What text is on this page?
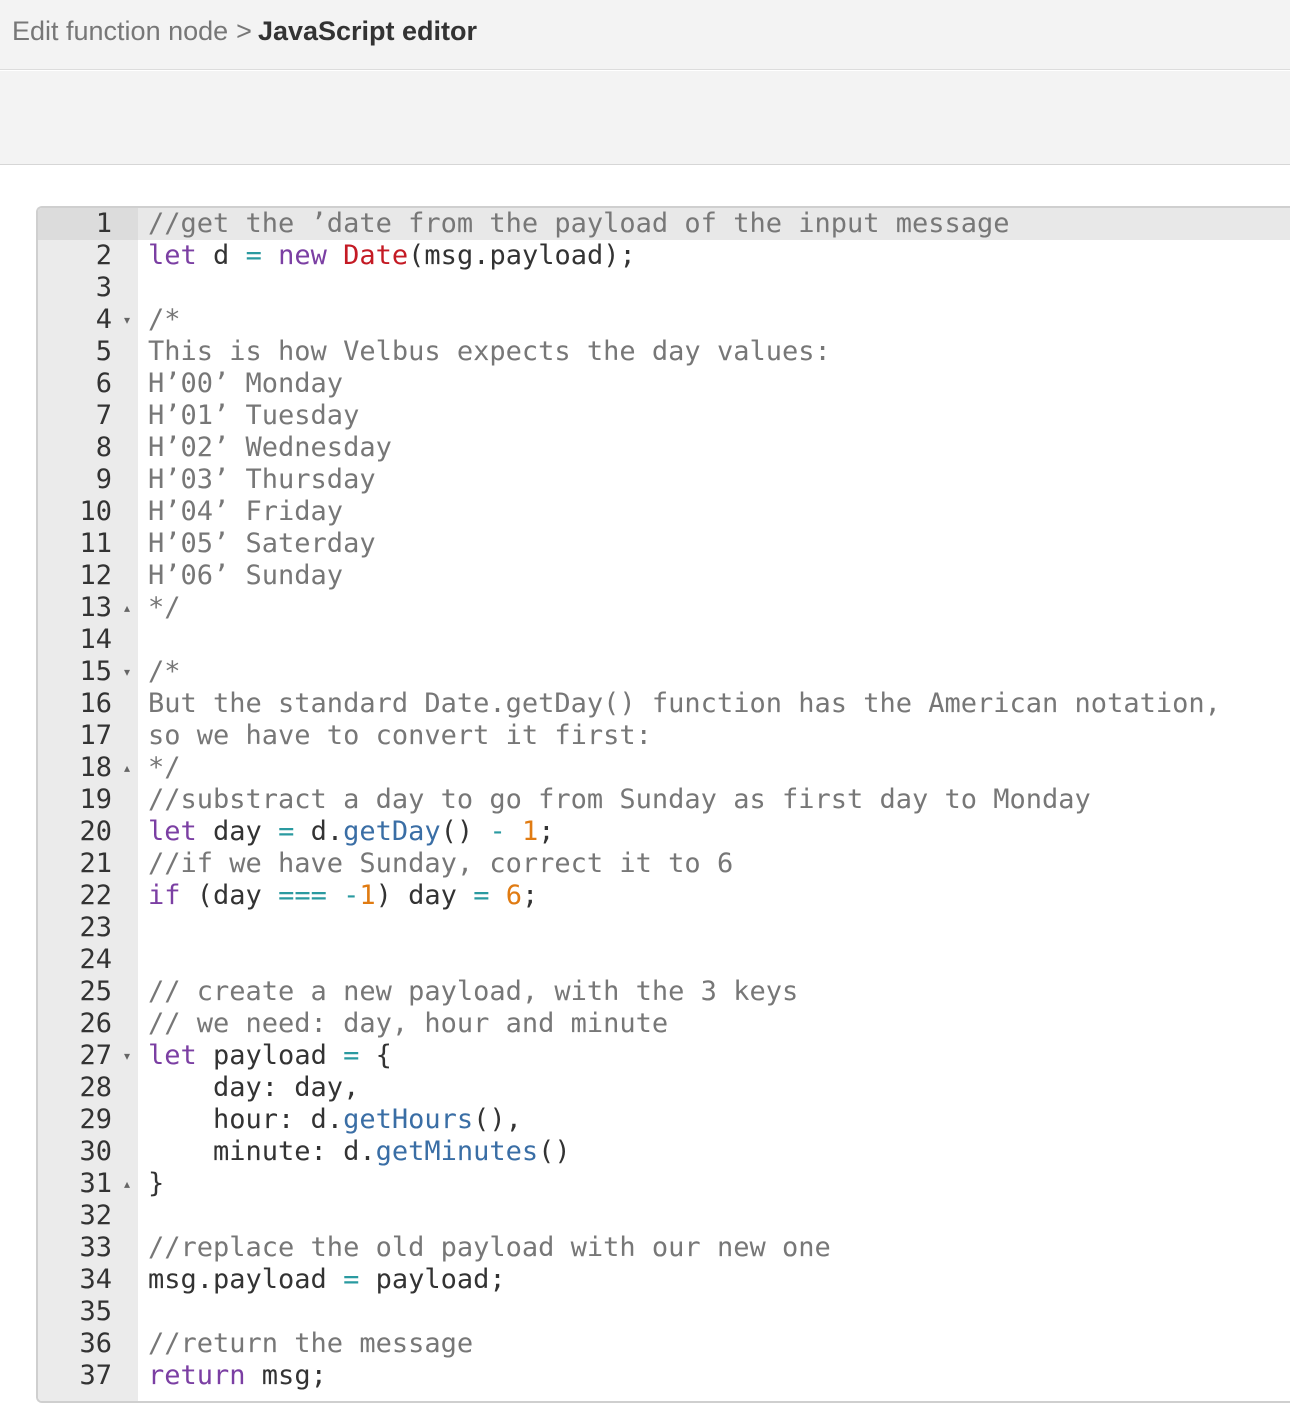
Edit function node > JavaScript editor
1 //get the ’date from the payload of the input message
2 let d = new Date(msg.payload);
3
4 ▾ /*
5 This is how Velbus expects the day values:
6 H’00’ Monday
7 H’01’ Tuesday
8 H’02’ Wednesday
9 H’03’ Thursday
10 H’04’ Friday
11 H’05’ Saterday
12 H’06’ Sunday
13 ▴ */
14
15 ▾ /*
16 But the standard Date.getDay() function has the American notation,
17 so we have to convert it first:
18 ▴ */
19 //substract a day to go from Sunday as first day to Monday
20 let day = d.getDay() - 1;
21 //if we have Sunday, correct it to 6
22 if (day === -1) day = 6;
23
24
25 // create a new payload, with the 3 keys
26 // we need: day, hour and minute
27 ▾ let payload = {
28 day: day,
29 hour: d.getHours(),
30 minute: d.getMinutes()
31 ▴ }
32
33 //replace the old payload with our new one
34 msg.payload = payload;
35
36 //return the message
37 return msg;
